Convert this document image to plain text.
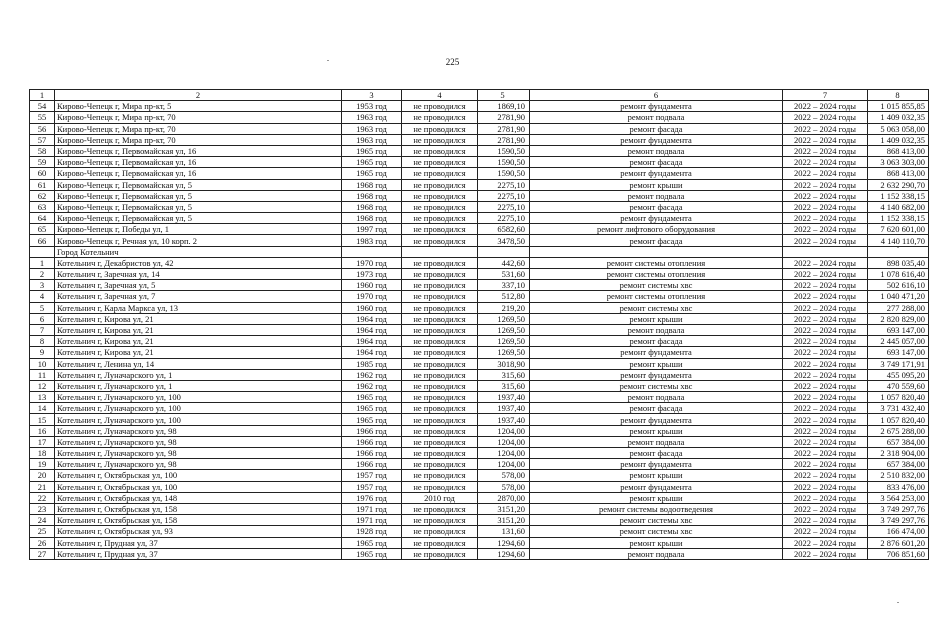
225
1	2	3	4	5	6	7	8
54	Кирово-Чепецк г, Мира пр-кт, 5	1953 год	не проводился	1869,10	ремонт фундамента	2022 – 2024 годы	1 015 855,85
55	Кирово-Чепецк г, Мира пр-кт, 70	1963 год	не проводился	2781,90	ремонт подвала	2022 – 2024 годы	1 409 032,35
56	Кирово-Чепецк г, Мира пр-кт, 70	1963 год	не проводился	2781,90	ремонт фасада	2022 – 2024 годы	5 063 058,00
57	Кирово-Чепецк г, Мира пр-кт, 70	1963 год	не проводился	2781,90	ремонт фундамента	2022 – 2024 годы	1 409 032,35
58	Кирово-Чепецк г, Первомайская ул, 16	1965 год	не проводился	1590,50	ремонт подвала	2022 – 2024 годы	868 413,00
59	Кирово-Чепецк г, Первомайская ул, 16	1965 год	не проводился	1590,50	ремонт фасада	2022 – 2024 годы	3 063 303,00
60	Кирово-Чепецк г, Первомайская ул, 16	1965 год	не проводился	1590,50	ремонт фундамента	2022 – 2024 годы	868 413,00
61	Кирово-Чепецк г, Первомайская ул, 5	1968 год	не проводился	2275,10	ремонт крыши	2022 – 2024 годы	2 632 290,70
62	Кирово-Чепецк г, Первомайская ул, 5	1968 год	не проводился	2275,10	ремонт подвала	2022 – 2024 годы	1 152 338,15
63	Кирово-Чепецк г, Первомайская ул, 5	1968 год	не проводился	2275,10	ремонт фасада	2022 – 2024 годы	4 140 682,00
64	Кирово-Чепецк г, Первомайская ул, 5	1968 год	не проводился	2275,10	ремонт фундамента	2022 – 2024 годы	1 152 338,15
65	Кирово-Чепецк г, Победы ул, 1	1997 год	не проводился	6582,60	ремонт лифтового оборудования	2022 – 2024 годы	7 620 601,00
66	Кирово-Чепецк г, Речная ул, 10 корп. 2	1983 год	не проводился	3478,50	ремонт фасада	2022 – 2024 годы	4 140 110,70
	Город Котельнич						
1	Котельнич г, Декабристов ул, 42	1970 год	не проводился	442,60	ремонт системы отопления	2022 – 2024 годы	898 035,40
2	Котельнич г, Заречная ул, 14	1973 год	не проводился	531,60	ремонт системы отопления	2022 – 2024 годы	1 078 616,40
3	Котельнич г, Заречная ул, 5	1960 год	не проводился	337,10	ремонт системы хвс	2022 – 2024 годы	502 616,10
4	Котельнич г, Заречная ул, 7	1970 год	не проводился	512,80	ремонт системы отопления	2022 – 2024 годы	1 040 471,20
5	Котельнич г, Карла Маркса ул, 13	1960 год	не проводился	219,20	ремонт системы хвс	2022 – 2024 годы	277 288,00
6	Котельнич г, Кирова ул, 21	1964 год	не проводился	1269,50	ремонт крыши	2022 – 2024 годы	2 820 829,00
7	Котельнич г, Кирова ул, 21	1964 год	не проводился	1269,50	ремонт подвала	2022 – 2024 годы	693 147,00
8	Котельнич г, Кирова ул, 21	1964 год	не проводился	1269,50	ремонт фасада	2022 – 2024 годы	2 445 057,00
9	Котельнич г, Кирова ул, 21	1964 год	не проводился	1269,50	ремонт фундамента	2022 – 2024 годы	693 147,00
10	Котельнич г, Ленина ул, 14	1985 год	не проводился	3018,90	ремонт крыши	2022 – 2024 годы	3 749 171,91
11	Котельнич г, Луначарского ул, 1	1962 год	не проводился	315,60	ремонт фундамента	2022 – 2024 годы	455 095,20
12	Котельнич г, Луначарского ул, 1	1962 год	не проводился	315,60	ремонт системы хвс	2022 – 2024 годы	470 559,60
13	Котельнич г, Луначарского ул, 100	1965 год	не проводился	1937,40	ремонт подвала	2022 – 2024 годы	1 057 820,40
14	Котельнич г, Луначарского ул, 100	1965 год	не проводился	1937,40	ремонт фасада	2022 – 2024 годы	3 731 432,40
15	Котельнич г, Луначарского ул, 100	1965 год	не проводился	1937,40	ремонт фундамента	2022 – 2024 годы	1 057 820,40
16	Котельнич г, Луначарского ул, 98	1966 год	не проводился	1204,00	ремонт крыши	2022 – 2024 годы	2 675 288,00
17	Котельнич г, Луначарского ул, 98	1966 год	не проводился	1204,00	ремонт подвала	2022 – 2024 годы	657 384,00
18	Котельнич г, Луначарского ул, 98	1966 год	не проводился	1204,00	ремонт фасада	2022 – 2024 годы	2 318 904,00
19	Котельнич г, Луначарского ул, 98	1966 год	не проводился	1204,00	ремонт фундамента	2022 – 2024 годы	657 384,00
20	Котельнич г, Октябрьская ул, 100	1957 год	не проводился	578,00	ремонт крыши	2022 – 2024 годы	2 510 832,00
21	Котельнич г, Октябрьская ул, 100	1957 год	не проводился	578,00	ремонт фундамента	2022 – 2024 годы	833 476,00
22	Котельнич г, Октябрьская ул, 148	1976 год	2010 год	2870,00	ремонт крыши	2022 – 2024 годы	3 564 253,00
23	Котельнич г, Октябрьская ул, 158	1971 год	не проводился	3151,20	ремонт системы водоотведения	2022 – 2024 годы	3 749 297,76
24	Котельнич г, Октябрьская ул, 158	1971 год	не проводился	3151,20	ремонт системы хвс	2022 – 2024 годы	3 749 297,76
25	Котельнич г, Октябрьская ул, 93	1928 год	не проводился	131,60	ремонт системы хвс	2022 – 2024 годы	166 474,00
26	Котельнич г, Прудная ул, 37	1965 год	не проводился	1294,60	ремонт крыши	2022 – 2024 годы	2 876 601,20
27	Котельнич г, Прудная ул, 37	1965 год	не проводился	1294,60	ремонт подвала	2022 – 2024 годы	706 851,60
